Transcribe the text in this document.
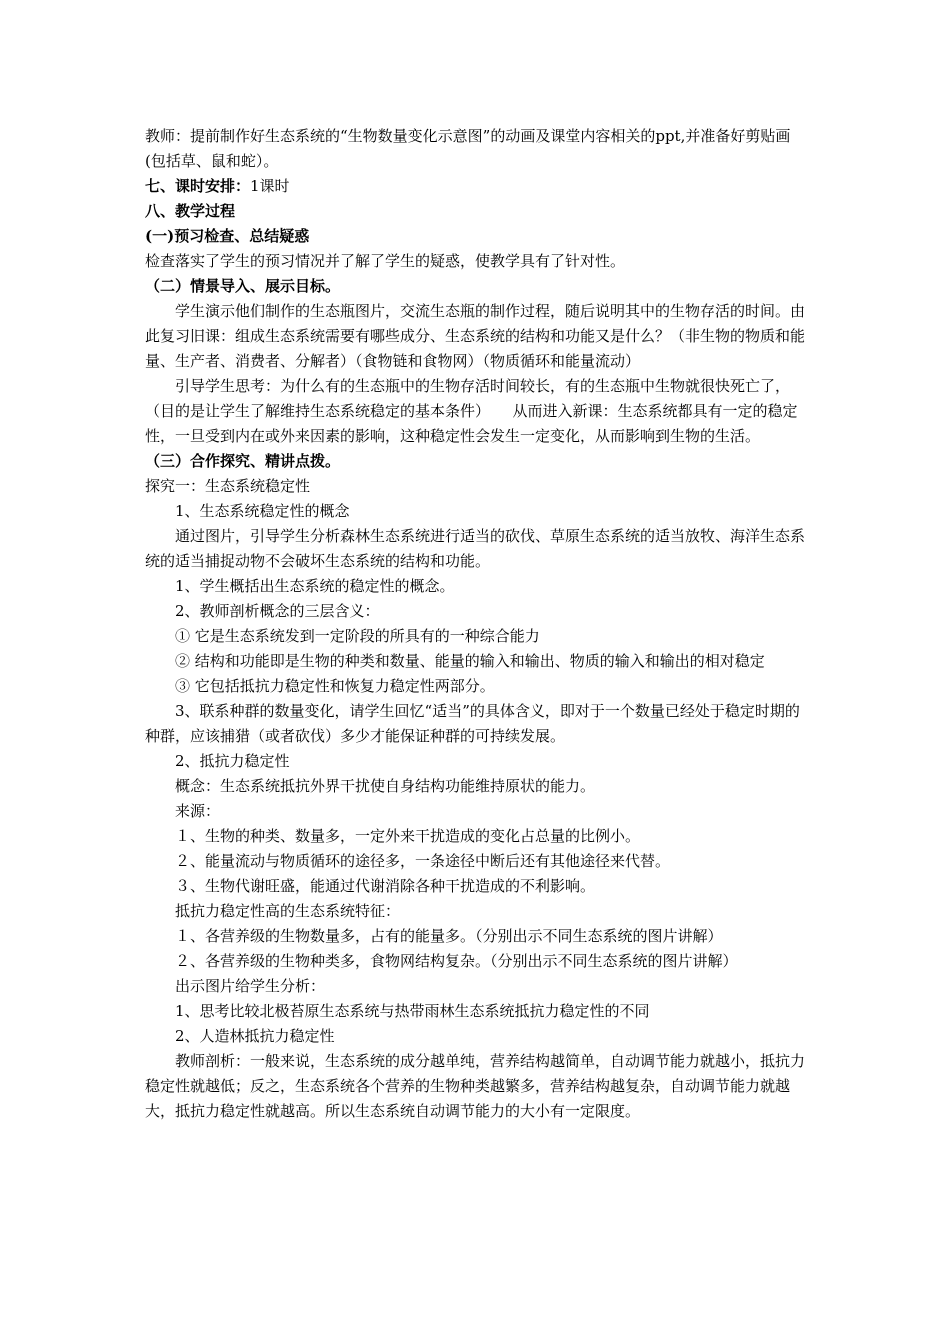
教师：提前制作好生态系统的“生物数量变化示意图”的动画及课堂内容相关的ppt,并准备好剪贴画(包括草、鼠和蛇）。

七、课时安排：1课时

八、教学过程

(一)预习检查、总结疑惑

检查落实了学生的预习情况并了解了学生的疑惑，使教学具有了针对性。

（二）情景导入、展示目标。

学生演示他们制作的生态瓶图片，交流生态瓶的制作过程，随后说明其中的生物存活的时间。由此复习旧课：组成生态系统需要有哪些成分、生态系统的结构和功能又是什么？（非生物的物质和能量、生产者、消费者、分解者）（食物链和食物网）（物质循环和能量流动）

引导学生思考：为什么有的生态瓶中的生物存活时间较长，有的生态瓶中生物就很快死亡了，（目的是让学生了解维持生态系统稳定的基本条件）　　从而进入新课：生态系统都具有一定的稳定性，一旦受到内在或外来因素的影响，这种稳定性会发生一定变化，从而影响到生物的生活。

（三）合作探究、精讲点拨。

探究一：生态系统稳定性

1、生态系统稳定性的概念

通过图片，引导学生分析森林生态系统进行适当的砍伐、草原生态系统的适当放牧、海洋生态系统的适当捕捉动物不会破坏生态系统的结构和功能。

1、学生概括出生态系统的稳定性的概念。

2、教师剖析概念的三层含义：

① 它是生态系统发到一定阶段的所具有的一种综合能力

② 结构和功能即是生物的种类和数量、能量的输入和输出、物质的输入和输出的相对稳定

③ 它包括抵抗力稳定性和恢复力稳定性两部分。

3、联系种群的数量变化，请学生回忆“适当”的具体含义，即对于一个数量已经处于稳定时期的种群，应该捕猎（或者砍伐）多少才能保证种群的可持续发展。

2、抵抗力稳定性

概念：生态系统抵抗外界干扰使自身结构功能维持原状的能力。

来源：

１、生物的种类、数量多，一定外来干扰造成的变化占总量的比例小。

２、能量流动与物质循环的途径多，一条途径中断后还有其他途径来代替。

３、生物代谢旺盛，能通过代谢消除各种干扰造成的不利影响。

抵抗力稳定性高的生态系统特征：

１、各营养级的生物数量多，占有的能量多。（分别出示不同生态系统的图片讲解）

２、各营养级的生物种类多，食物网结构复杂。（分别出示不同生态系统的图片讲解）

出示图片给学生分析：

1、思考比较北极苔原生态系统与热带雨林生态系统抵抗力稳定性的不同

2、人造林抵抗力稳定性

教师剖析：一般来说，生态系统的成分越单纯，营养结构越简单，自动调节能力就越小，抵抗力稳定性就越低；反之，生态系统各个营养的生物种类越繁多，营养结构越复杂，自动调节能力就越大，抵抗力稳定性就越高。所以生态系统自动调节能力的大小有一定限度。
